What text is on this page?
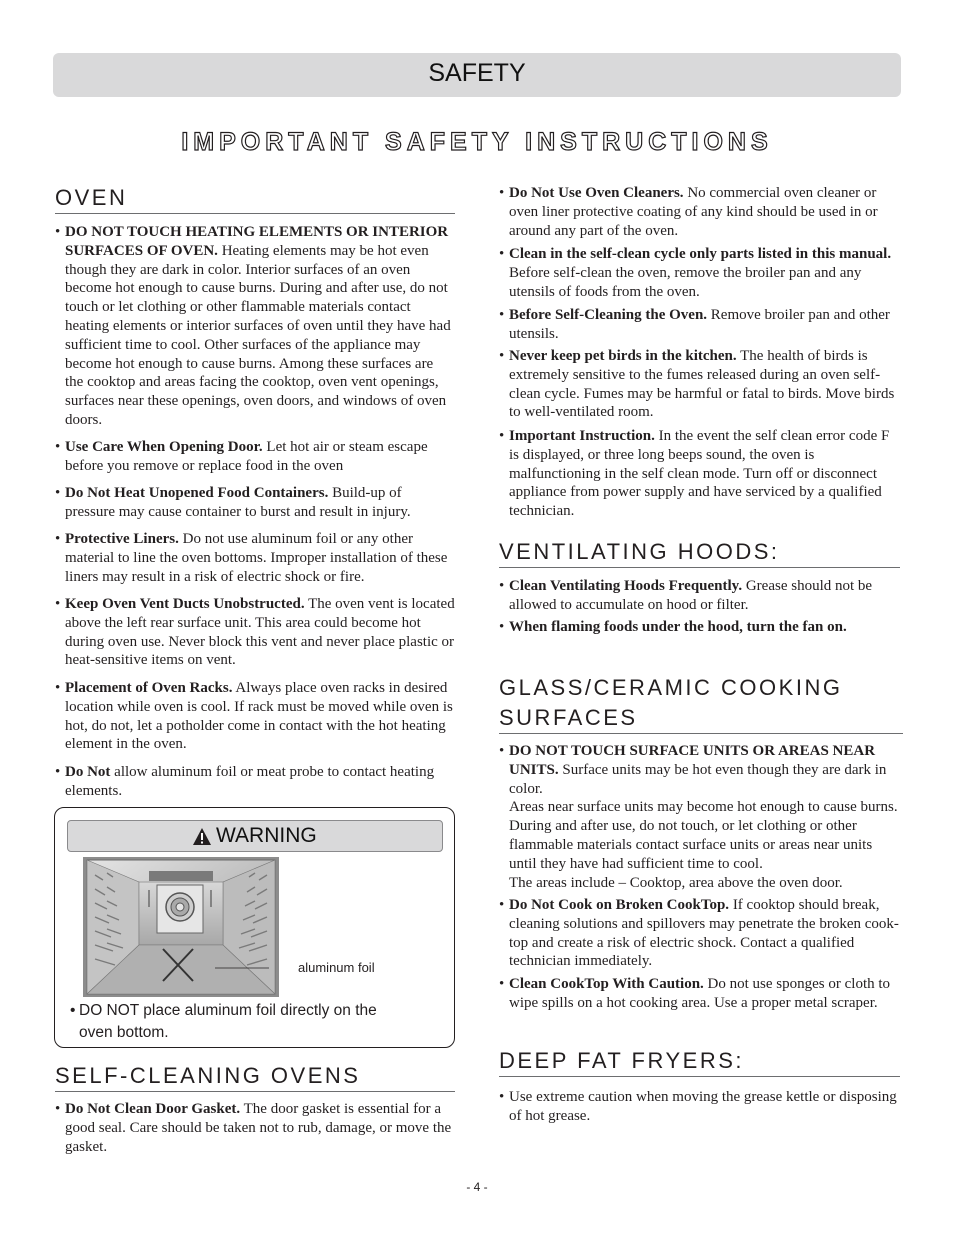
SAFETY
IMPORTANT SAFETY INSTRUCTIONS
OVEN
• DO NOT TOUCH HEATING ELEMENTS OR INTERIOR SURFACES OF OVEN. Heating elements may be hot even though they are dark in color. Interior surfaces of an oven become hot enough to cause burns. During and after use, do not touch or let clothing or other flammable materials contact heating elements or interior surfaces of oven until they have had sufficient time to cool. Other surfaces of the appliance may become hot enough to cause burns. Among these surfaces are the cooktop and areas facing the cooktop, oven vent openings, surfaces near these openings, oven doors, and windows of oven doors.
• Use Care When Opening Door. Let hot air or steam escape before you remove or replace food in the oven
• Do Not Heat Unopened Food Containers. Build-up of pressure may cause container to burst and result in injury.
• Protective Liners. Do not use aluminum foil or any other material to line the oven bottoms. Improper installation of these liners may result in a risk of electric shock or fire.
• Keep Oven Vent Ducts Unobstructed. The oven vent is located above the left rear surface unit. This area could become hot during oven use. Never block this vent and never place plastic or heat-sensitive items on vent.
• Placement of Oven Racks. Always place oven racks in desired location while oven is cool. If rack must be moved while oven is hot, do not, let a potholder come in contact with the hot heating element in the oven.
• Do Not allow aluminum foil or meat probe to contact heating elements.
SELF-CLEANING OVENS
• Do Not Clean Door Gasket. The door gasket is essential for a good seal. Care should be taken not to rub, damage, or move the gasket.
WARNING
aluminum foil
• DO NOT place aluminum foil directly on the oven bottom.
• Do Not Use Oven Cleaners. No commercial oven cleaner or oven liner protective coating of any kind should be used in or around any part of the oven.
• Clean in the self-clean cycle only parts listed in this manual. Before self-clean the oven, remove the broiler pan and any utensils of foods from the oven.
• Before Self-Cleaning the Oven. Remove broiler pan and other utensils.
• Never keep pet birds in the kitchen. The health of birds is extremely sensitive to the fumes released during an oven self-clean cycle. Fumes may be harmful or fatal to birds. Move birds to well-ventilated room.
• Important Instruction. In the event the self clean error code F is displayed, or three long beeps sound, the oven is malfunctioning in the self clean mode. Turn off or disconnect appliance from power supply and have serviced by a qualified technician.
VENTILATING HOODS:
• Clean Ventilating Hoods Frequently. Grease should not be allowed to accumulate on hood or filter.
• When flaming foods under the hood, turn the fan on.
GLASS/CERAMIC COOKING SURFACES
• DO NOT TOUCH SURFACE UNITS OR AREAS NEAR UNITS. Surface units may be hot even though they are dark in color.
Areas near surface units may become hot enough to cause burns. During and after use, do not touch, or let clothing or other flammable materials contact surface units or areas near units until they have had sufficient time to cool.
The areas include – Cooktop, area above the oven door.
• Do Not Cook on Broken CookTop. If cooktop should break, cleaning solutions and spillovers may penetrate the broken cook-top and create a risk of electric shock. Contact a qualified technician immediately.
• Clean CookTop With Caution. Do not use sponges or cloth to wipe spills on a hot cooking area. Use a proper metal scraper.
DEEP FAT FRYERS:
• Use extreme caution when moving the grease kettle or disposing of hot grease.
- 4 -
